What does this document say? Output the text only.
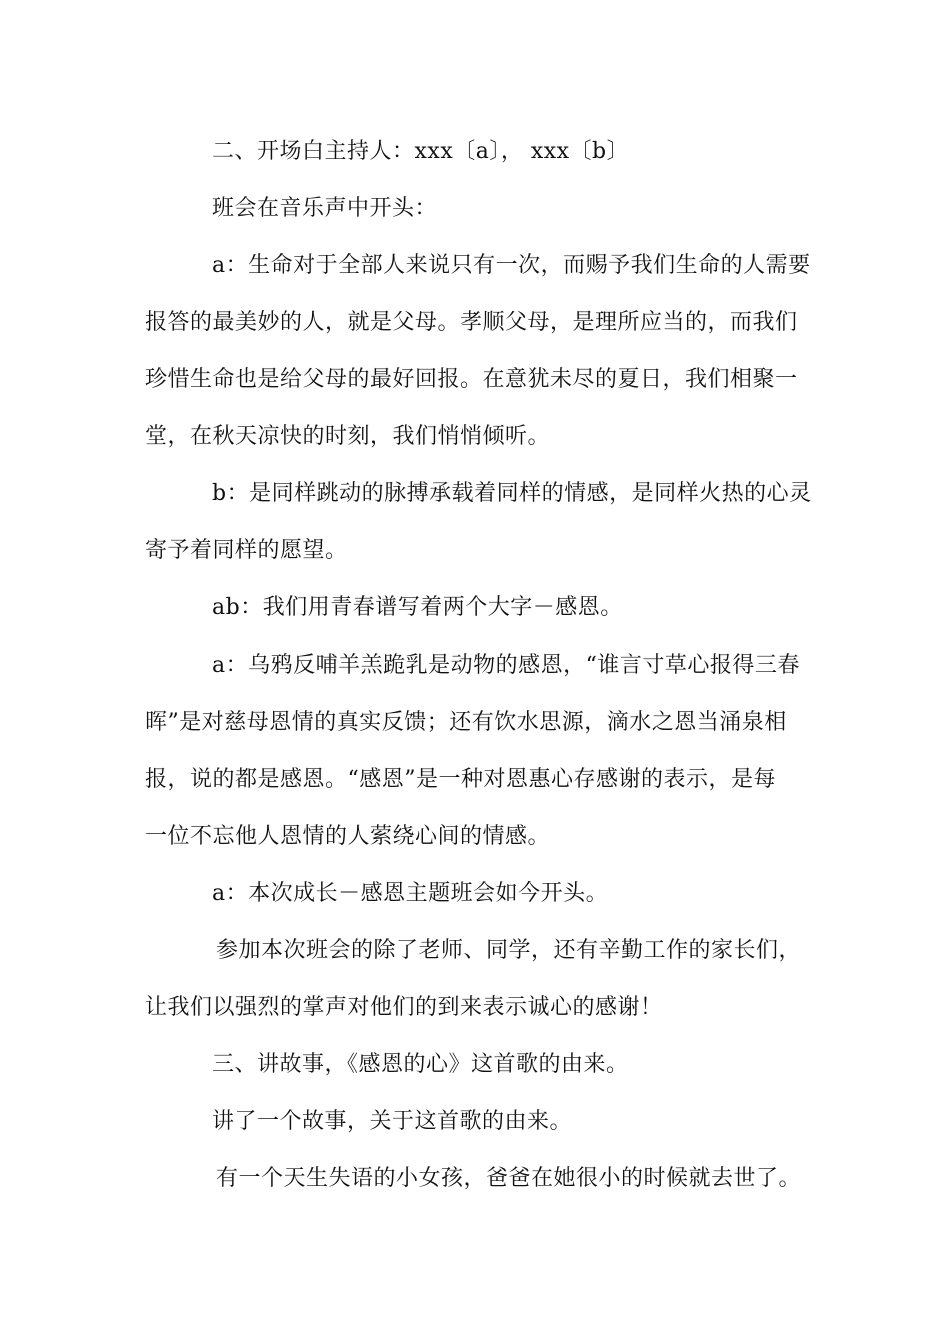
二、开场白主持人：xxx〔a〕， xxx〔b〕
班会在音乐声中开头：
a：生命对于全部人来说只有一次，而赐予我们生命的人需要
报答的最美妙的人，就是父母。孝顺父母，是理所应当的，而我们
珍惜生命也是给父母的最好回报。在意犹未尽的夏日，我们相聚一
堂，在秋天凉快的时刻，我们悄悄倾听。
b：是同样跳动的脉搏承载着同样的情感，是同样火热的心灵
寄予着同样的愿望。
ab：我们用青春谱写着两个大字－感恩。
a：乌鸦反哺羊羔跪乳是动物的感恩，“谁言寸草心报得三春
晖”是对慈母恩情的真实反馈；还有饮水思源，滴水之恩当涌泉相
报，说的都是感恩。“感恩”是一种对恩惠心存感谢的表示，是每
一位不忘他人恩情的人萦绕心间的情感。
a：本次成长－感恩主题班会如今开头。
参加本次班会的除了老师、同学，还有辛勤工作的家长们，
让我们以强烈的掌声对他们的到来表示诚心的感谢！
三、讲故事，《感恩的心》这首歌的由来。
讲了一个故事，关于这首歌的由来。
有一个天生失语的小女孩，爸爸在她很小的时候就去世了。
